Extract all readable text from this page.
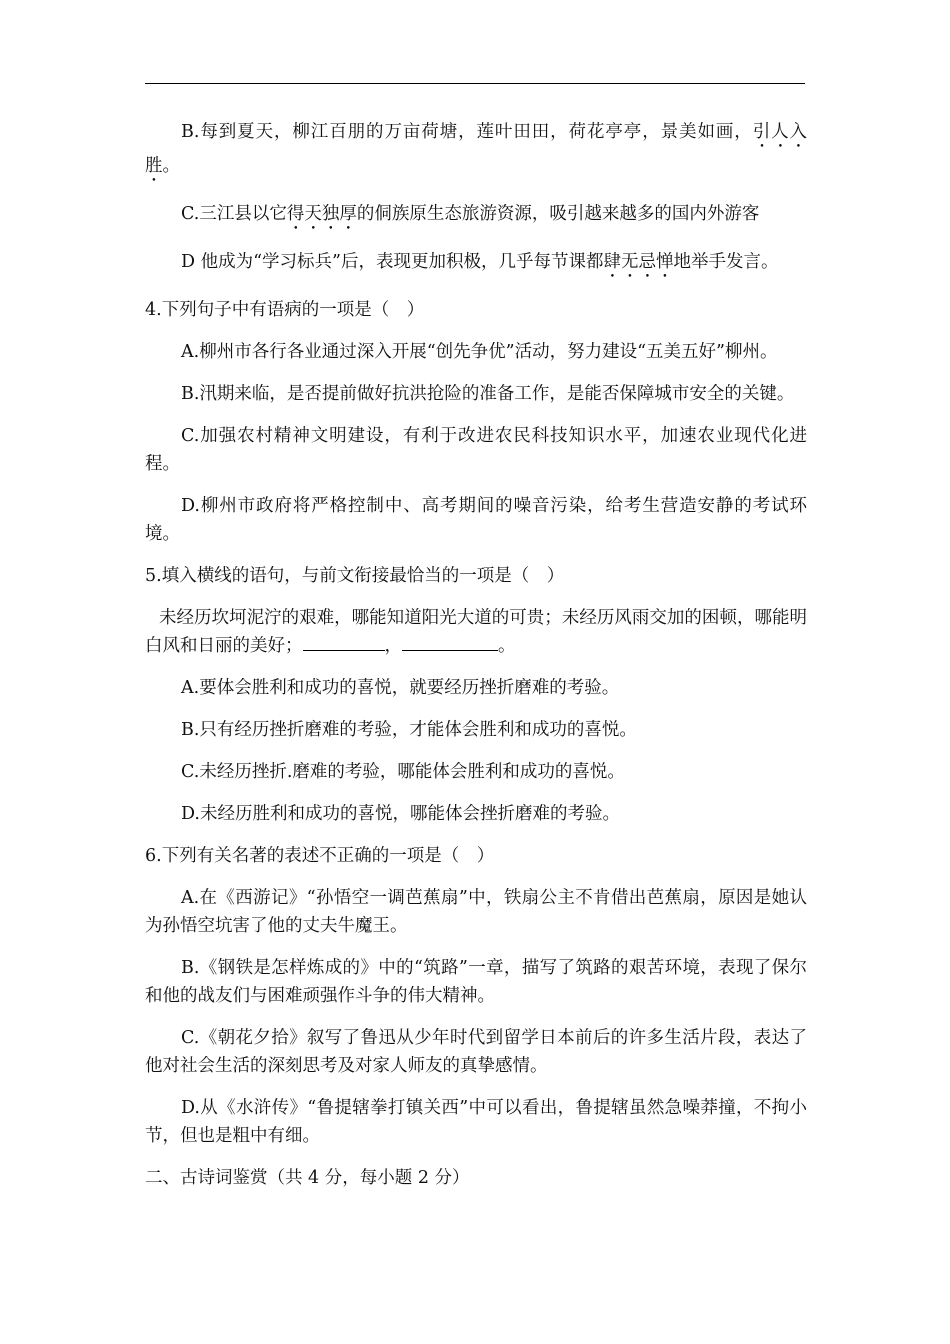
B.每到夏天，柳江百朋的万亩荷塘，莲叶田田，荷花亭亭，景美如画，引人入胜。

C.三江县以它得天独厚的侗族原生态旅游资源，吸引越来越多的国内外游客

D 他成为“学习标兵”后，表现更加积极，几乎每节课都肆无忌惮地举手发言。

4.下列句子中有语病的一项是（　）

A.柳州市各行各业通过深入开展“创先争优”活动，努力建设“五美五好”柳州。

B.汛期来临，是否提前做好抗洪抢险的准备工作，是能否保障城市安全的关键。

C.加强农村精神文明建设，有利于改进农民科技知识水平，加速农业现代化进程。

D.柳州市政府将严格控制中、高考期间的噪音污染，给考生营造安静的考试环境。

5.填入横线的语句，与前文衔接最恰当的一项是（　）

未经历坎坷泥泞的艰难，哪能知道阳光大道的可贵；未经历风雨交加的困顿，哪能明白风和日丽的美好；	，	。

A.要体会胜利和成功的喜悦，就要经历挫折磨难的考验。

B.只有经历挫折磨难的考验，才能体会胜利和成功的喜悦。

C.未经历挫折.磨难的考验，哪能体会胜利和成功的喜悦。

D.未经历胜利和成功的喜悦，哪能体会挫折磨难的考验。

6.下列有关名著的表述不正确的一项是（　）

A.在《西游记》“孙悟空一调芭蕉扇”中，铁扇公主不肯借出芭蕉扇，原因是她认为孙悟空坑害了他的丈夫牛魔王。

B.《钢铁是怎样炼成的》中的“筑路”一章，描写了筑路的艰苦环境，表现了保尔和他的战友们与困难顽强作斗争的伟大精神。

C.《朝花夕拾》叙写了鲁迅从少年时代到留学日本前后的许多生活片段，表达了他对社会生活的深刻思考及对家人师友的真挚感情。

D.从《水浒传》“鲁提辖拳打镇关西”中可以看出，鲁提辖虽然急噪莽撞，不拘小节，但也是粗中有细。

二、古诗词鉴赏（共 4 分，每小题 2 分）
